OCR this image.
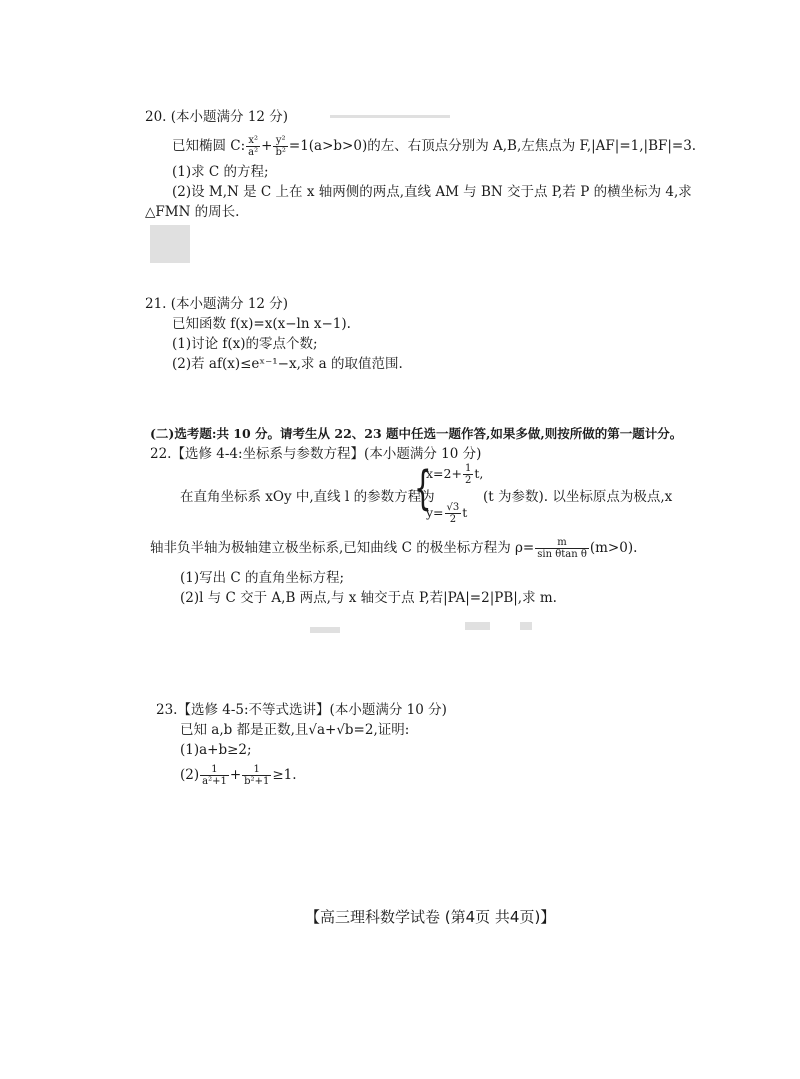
20. (本小题满分 12 分)
已知椭圆 C: $\frac{\text{x²}}{\text{a²}} + \frac{\text{y²}}{\text{b²}} =1(a>b>0)$的左、右顶点分别为 A,B,左焦点为 F,|AF|=1,|BF|=3.
(1)求 C 的方程;
(2)设 M,N 是 C 上在 x 轴两侧的两点,直线 AM 与 BN 交于点 P,若 P 的横坐标为 4,求
△FMN 的周长.
21. (本小题满分 12 分)
已知函数 f(x)=x(x−ln x−1).
(1)讨论 f(x)的零点个数;
(2)若 af(x)≤eˣ⁻¹−x,求 a 的取值范围.
(二)选考题:共 10 分。请考生从 22、23 题中任选一题作答,如果多做,则按所做的第一题计分。
22.【选修 4-4:坐标系与参数方程】(本小题满分 10 分)
在直角坐标系 xOy 中,直线 l 的参数方程为
{
$x=2+ \frac{1}{2} t$,
$y= \frac{√3}{2}$ t
(t 为参数). 以坐标原点为极点,x
轴非负半轴为极轴建立极坐标系,已知曲线 C 的极坐标方程为 $\rho= \frac{m}{\text{sin θtan θ}} (m>0)$.
(1)写出 C 的直角坐标方程;
(2)l 与 C 交于 A,B 两点,与 x 轴交于点 P,若|PA|=2|PB|,求 m.
23.【选修 4-5:不等式选讲】(本小题满分 10 分)
已知 a,b 都是正数,且√a+√b=2,证明:
(1)a+b≥2;
$(2) \frac{1}{\text{a²+1}} + \frac{1}{\text{b²+1}} \ge 1$.
【高三理科数学试卷 (第4页 共4页)】
